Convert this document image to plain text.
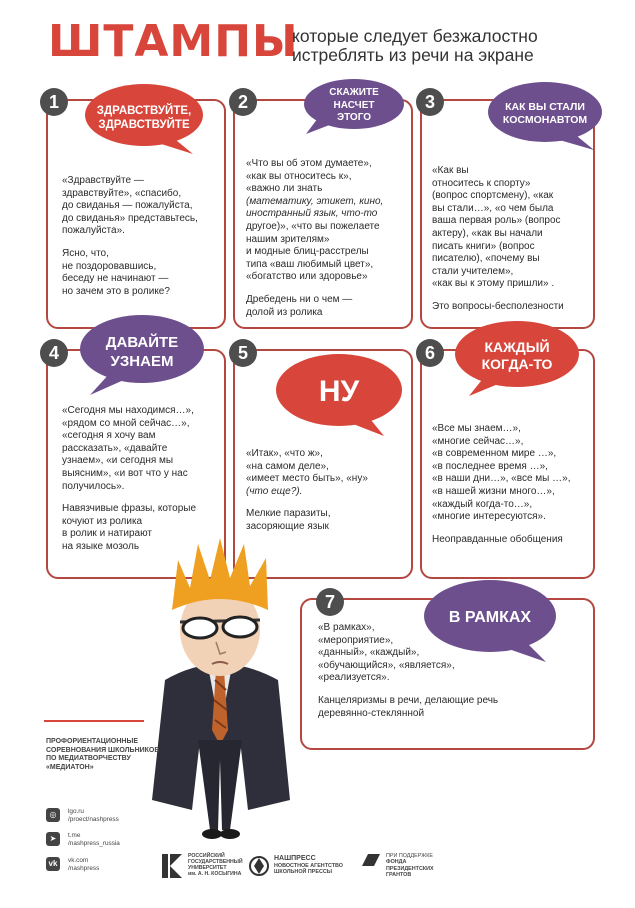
ШТАМПЫ
которые следует безжалостно истреблять из речи на экране
1	ЗДРАВСТВУЙТЕ, ЗДРАВСТВУЙТЕ

«Здравствуйте —

здравствуйте», «спасибо,

до свиданья — пожалуйста,

до свиданья» представьтесь,

пожалуйста».

Ясно, что,

не поздоровавшись,

беседу не начинают —

но зачем это в ролике?

2	СКАЖИТЕ НАСЧЕТ ЭТОГО

«Что вы об этом думаете»,

«как вы относитесь к»,

«важно ли знать

(математику, этикет, кино,

иностранный язык, что-то

другое)», «что вы пожелаете

нашим зрителям»

и модные блиц-расстрелы

типа «ваш любимый цвет»,

«богатство или здоровье»

Дребедень ни о чем —

долой из ролика

3	КАК ВЫ СТАЛИ КОСМОНАВТОМ

«Как вы

относитесь к спорту»

(вопрос спортсмену), «как

вы стали…», «о чем была

ваша первая роль» (вопрос

актеру), «как вы начали

писать книги» (вопрос

писателю), «почему вы

стали учителем»,

«как вы к этому пришли» .

Это вопросы-бесполезности

4
ДАВАЙТЕ УЗНАЕМ

«Сегодня мы находимся…»,

«рядом со мной сейчас…»,

«сегодня я хочу вам

рассказать», «давайте

узнаем», «и сегодня мы

выясним», «и вот что у нас

получилось».

Навязчивые фразы, которые

кочуют из ролика

в ролик и натирают

на языке мозоль

5
НУ

«Итак», «что ж»,

«на самом деле»,

«имеет место быть», «ну»

(что еще?).

Мелкие паразиты,

засоряющие язык

6	КАЖДЫЙ КОГДА-ТО

«Все мы знаем…»,

«многие сейчас…»,

«в современном мире …»,

«в последнее время …»,

«в наши дни…», «все мы …»,

«в нашей жизни много…»,

«каждый когда-то…»,

«многие интересуются».

Неоправданные обобщения

7
В РАМКАХ

«В рамках»,

«мероприятие»,

«данный», «каждый»,

«обучающийся», «является»,

«реализуется».

Канцеляризмы в речи, делающие речь

деревянно-стеклянной

ПРОФОРИЕНТАЦИОННЫЕ
СОРЕВНОВАНИЯ ШКОЛЬНИКОВ
ПО МЕДИАТВОРЧЕСТВУ
«МЕДИАТОН»
◎	lgo.ru
/proect/nashpress
➤	t.me
/nashpress_russia
vk	vk.com
/nashpress
РОССИЙСКИЙ
ГОСУДАРСТВЕННЫЙ
УНИВЕРСИТЕТ
им. А. Н. КОСЫГИНА
НАШПРЕСС
НОВОСТНОЕ АГЕНТСТВО
ШКОЛЬНОЙ ПРЕССЫ
ПРИ ПОДДЕРЖКЕ
ФОНДА
ПРЕЗИДЕНТСКИХ
ГРАНТОВ
